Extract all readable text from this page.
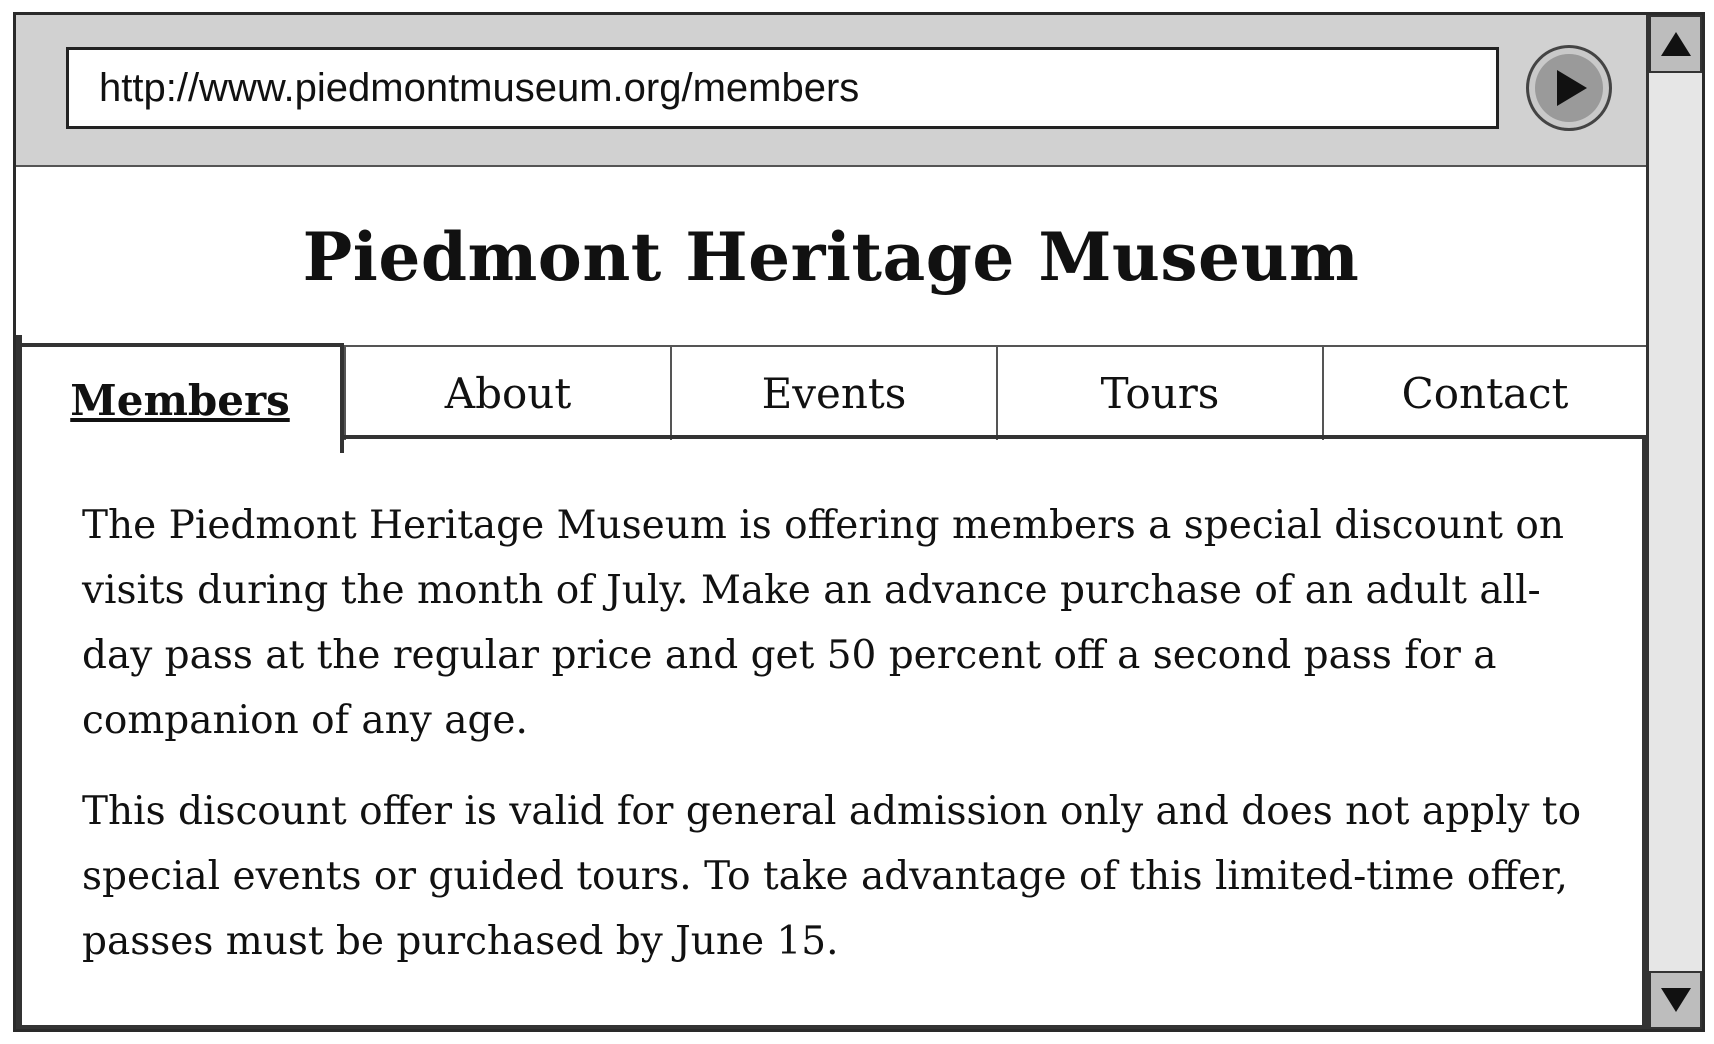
http://www.piedmontmuseum.org/members
Piedmont Heritage Museum
Members	About	Events	Tours	Contact

The Piedmont Heritage Museum is offering members a special discount on visits during the month of July. Make an advance purchase of an adult all-day pass at the regular price and get 50 percent off a second pass for a companion of any age.

This discount offer is valid for general admission only and does not apply to special events or guided tours. To take advantage of this limited-time offer, passes must be purchased by June 15.
